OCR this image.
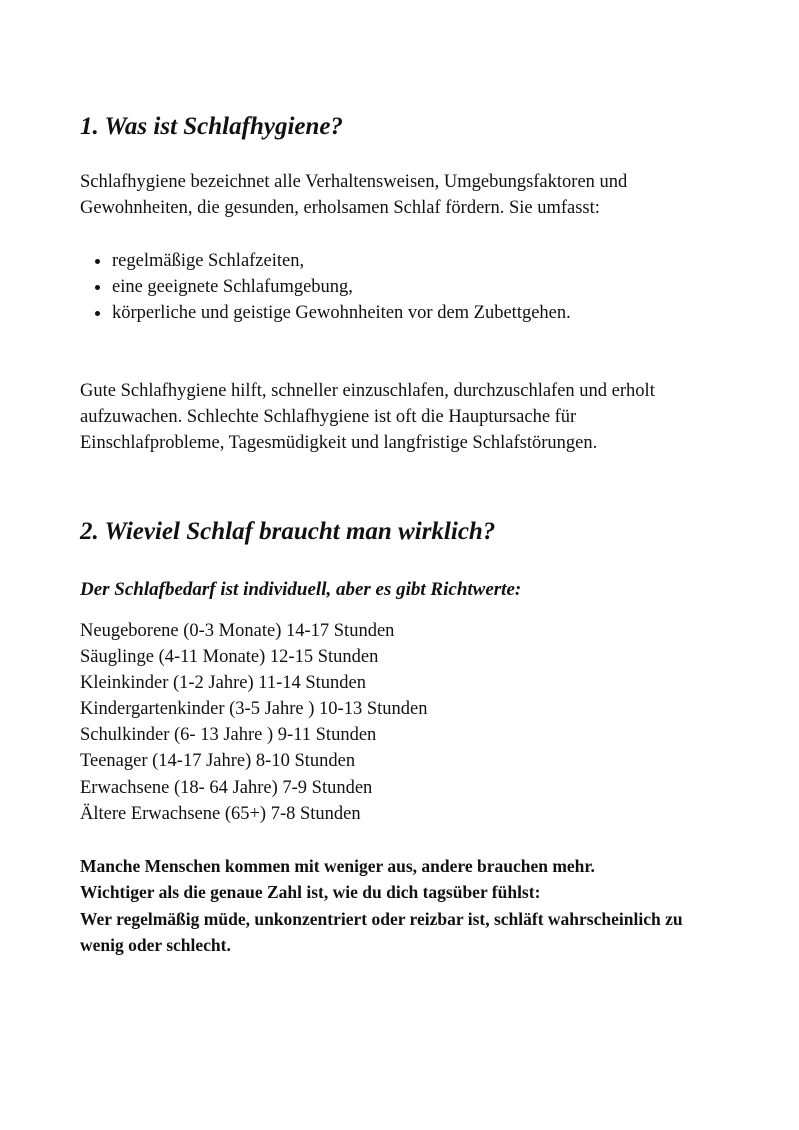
1. Was ist Schlafhygiene?

Schlafhygiene bezeichnet alle Verhaltensweisen, Umgebungsfaktoren und
Gewohnheiten, die gesunden, erholsamen Schlaf fördern. Sie umfasst:

regelmäßige Schlafzeiten,
eine geeignete Schlafumgebung,
körperliche und geistige Gewohnheiten vor dem Zubettgehen.

Gute Schlafhygiene hilft, schneller einzuschlafen, durchzuschlafen und erholt
aufzuwachen. Schlechte Schlafhygiene ist oft die Hauptursache für
Einschlafprobleme, Tagesmüdigkeit und langfristige Schlafstörungen.

2. Wieviel Schlaf braucht man wirklich?
Der Schlafbedarf ist individuell, aber es gibt Richtwerte:
Neugeborene (0-3 Monate) 14-17 Stunden
Säuglinge (4-11 Monate) 12-15 Stunden
Kleinkinder (1-2 Jahre) 11-14 Stunden
Kindergartenkinder (3-5 Jahre ) 10-13 Stunden
Schulkinder (6- 13 Jahre ) 9-11 Stunden
Teenager (14-17 Jahre) 8-10 Stunden
Erwachsene (18- 64 Jahre) 7-9 Stunden
Ältere Erwachsene (65+) 7-8 Stunden

Manche Menschen kommen mit weniger aus, andere brauchen mehr.
Wichtiger als die genaue Zahl ist, wie du dich tagsüber fühlst:
Wer regelmäßig müde, unkonzentriert oder reizbar ist, schläft wahrscheinlich zu
wenig oder schlecht.
